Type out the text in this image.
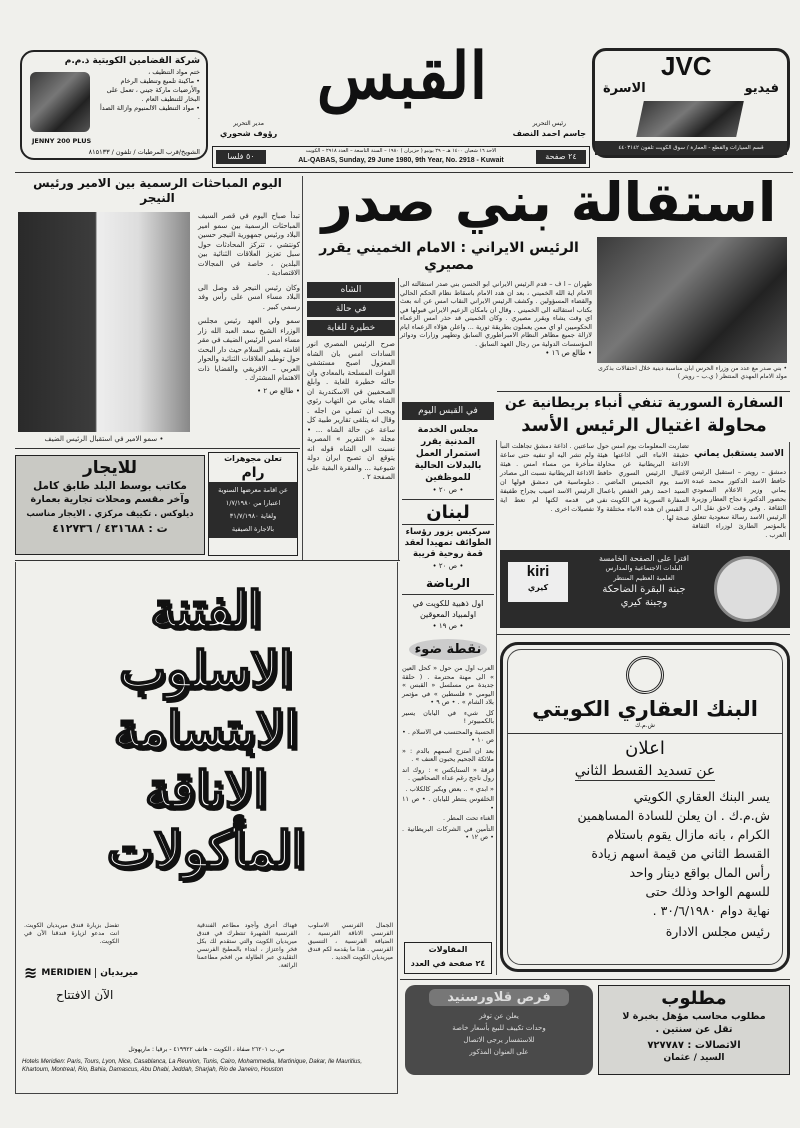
شركة القضامين الكويتية ذ.م.م
ختم مواد التنظيف ،
• ماكينة تلميع وتنظيف الرخام والأرضيات ماركة جيني ، تعمل على البخار للتنظيف العام .
• مواد التنظيف الالمنيوم وازالة الصدأ .
JENNY 200 PLUS
الشويخ/قرب المرطبات / تلفون / ٨١٥١٣٣
القبس
رئيس التحرير
جاسم احمد النصف
مدير التحرير
رؤوف شحوري
٢٤ صفحة
٥٠ فلسا
الاحد ١٦ شعبان ١٤٠٠ هـ – ٢٩ يونيو ( حزيران ) ١٩٨٠ – السنة التاسعة – العدد ٢٩١٨ – الكويت
AL-QABAS, Sunday, 29 June 1980, 9th Year, No. 2918 - Kuwait
JVC
فيديو
الاسرة
قسم السيارات والقطع - العمارة / سوق الكويت تلفون ٤٤٠٣١٤٢
اليوم المباحثات الرسمية بين الامير ورئيس النيجر
• سمو الامير في استقبال الرئيس الضيف

تبدأ صباح اليوم في قصر السيف المباحثات الرسمية بين سمو امير البلاد ورئيس جمهورية النيجر حسين كونتشي ، تتركز المحادثات حول سبل تعزيز العلاقات الثنائية بين البلدين ، خاصة في المجالات الاقتصادية .

وكان رئيس النيجر قد وصل الى البلاد مساء امس على رأس وفد رسمي كبير .

سمو ولي العهد رئيس مجلس الوزراء الشيخ سعد العبد الله زار مساء امس الرئيس الضيف في مقر اقامته بقصر السلام حيث دار البحث حول توطيد العلاقات الثنائية والحوار العربي – الافريقي والقضايا ذات الاهتمام المشترك .

• طالع ص ٢ •
استقالة بني صدر
الرئيس الايراني : الامام الخميني يقرر مصيري
• بني صدر مع عدد من وزراء الحرس ابان مناسبة دينية خلال احتفالات بذكرى مولد الامام المهدي المنتظر ( ي.ب – رويتر )

طهران – ا ف – قدم الرئيس الايراني ابو الحسن بني صدر استقالته الى الامام اية الله الخميني ، بعد ان هدد الامام باسقاط نظام الحكم الحالي والقضاء المسؤولين . وكشف الرئيس الايراني النقاب امس عن انه بعث بكتاب استقالته الى الخميني . وقال ان بامكان الزعيم الايراني قبولها في اي وقت يشاء ويقرر مصيري . وكان الخميني قد حذر امس الزعماء الحكوميين او اي ممن يعملون بطريقة ثورية ... واعلن هؤلاء الزعماء ايام لازالة جميع مظاهر النظام الامبراطوري السابق وتطهير وزارات ودوائر المؤسسات الدولية من رجال العهد السابق .

• طالع ص ١٦ •
الشاه
في حالة
خطيرة للغاية

صرح الرئيس المصري انور السادات امس بان الشاه المعزول اصبح مستشفى القوات المسلحة بالمعادي وان حالته خطيرة للغاية . وابلغ الصحفيين في الاسكندرية ان الشاه يعاني من التهاب رئوي ويجب ان تصلي من اجله . وقال انه يتلقى تقارير طبية كل ساعة عن حالة الشاه ... • مجلة « التقرير » المصرية نسبت الى الشاه قوله انه يتوقع ان تصبح ايران دولة شيوعية ... والفقرة البقية على الصفحة ٢ .

في القبس اليوم
مجلس الخدمة المدنية يقرر استمرار العمل بالبدلات الحالية للموظفين
• ص ٢٠ •
لبنان
سركيس يزور رؤساء الطوائف تمهيدا لعقد قمة روحية قريبة
• ص ٢٠ •
الرياضة
اول ذهبية للكويت في اولمبياد المعوقين
• ص ١٩ •
نقطة ضوء

العرب اول من حول « كحل العين » الى مهنة محترمة . ( حلقة جديدة من مسلسل « القبس » اليومي « فلسطين » في مؤتمر بلاد الشام » . • ص ٩ •

كل شيء في اليابان يسير بالكمبيوتر !

الحسبة والمحتسب في الاسلام . • ص ١٠ •

بعد ان امتزج اسمهم بالدم : « ملائكة الجحيم يحبون العنف » .

فرقة « الستايكس » : روك اند رول ناجح رغم عداء الصحافيين .

« ابدي » .. بعض ويكبر كالكلاب .

الخلفوس ينتظر لليابان . • ص ١١ •

الغناء تحت المطر .

التأمين في الشركات البريطانية . • ص ١٢ •

المقاولات
٢٤ صفحة في العدد
السفارة السورية تنفي أنباء بريطانية عن
محاولة اغتيال الرئيس الأسد
الاسد يستقبل يماني

دمشق – رويتر – استقبل الرئيس حافظ الاسد الدكتور محمد عبده يماني وزير الاعلام السعودي بحضور الدكتورة نجاح العطار وزيرة الثقافة . وفي وقت لاحق نقل الى الرئيس الاسد رسالة سعودية تتعلق بالمؤتمر الطارئ لوزراء الثقافة العرب .

تضاربت المعلومات يوم امس حول حقيقة الانباء التي اذاعتها هيئة الاذاعة البريطانية عن محاولة لاغتيال الرئيس السوري حافظ الاسد يوم الخميس الماضي . السيد احمد زهير الغفص باعمال السفارة السورية في الكويت نفى لـ القبس ان هذه الانباء مختلقة ولا صحة لها .

ساعتين . اذاعة دمشق تجاهلت النبأ ولم تشر اليه او تنفيه حتى ساعة متأخرة من مساء امس . هيئة الاذاعة البريطانية نسبت الى مصادر دبلوماسية في دمشق قولها ان الرئيس الاسد اصيب بجراح طفيفة في قدمه لكنها لم تعط اية تفصيلات اخرى .

للايجار
مكاتب بوسط البلد طابق كامل
وآخر مقسم ومحلات تجارية بعمارة
ديلوكس . تكييف مركزي . الايجار مناسب
ت : ٤٣١٦٨٨ / ٤١٢٧٣٦
تعلن مجوهرات
رام
عن اقامة معرضها السنوية
اعتبارا من ١/٧/١٩٨٠
ولغاية ٣١/٧/١٩٨٠
بالاجارة الصيفية
الفتنة
الاسلوب
الابتسامة
الاناقة
المأكولات

الجمال الفرنسي الاسلوب الفرنسي الاناقة الفرنسية ، الضيافة الفرنسية ، التنسيق الفرنسي . هذا ما يقدمه لكم فندق ميريديان الكويت الجديد .

فهناك أعرق وأجود مطاعم الفندقية الفرنسية الشهيرة تنتظرك في فندق ميريديان الكويت والتي ستقدم لك بكل فخر واعتزاز ، ابتداء بالمطبخ الفرنسي التقليدي عبر الطاولة من افخم مطاعمنا الرائعة.

تفضل بزيارة فندق ميريديان الكويت. انت مدعو لزيارة فندقنا الآن في الكويت.

≋ MERIDIEN	ميريديان
الآن الافتتاح
ص.ب ٢٦٢٠١ صفاة ، الكويت - هاتف ٤١٩٩٢٢ - برقيا : ماريهوتل
Hotels Meridien: Paris, Tours, Lyon, Nice, Casablanca, La Reunion, Tunis, Cairo, Mohammedia, Martinique, Dakar, Ile Mauritius, Khartoum, Montreal, Rio, Bahia, Damascus, Abu Dhabi, Jeddah, Sharjah, Rio de Janeiro, Houston
kiri
كيري
اقترا على الصفحة الخامسة
البلدات الاجتماعية والمدارس
العلمية العظيم المنتظر
جبنة البقرة الضاحكة
وجبنة كيري
البنك العقاري الكويتي
ش.م.ك
اعلان
عن تسديد القسط الثاني
يسر البنك العقاري الكويتي
ش.م.ك . ان يعلن للسادة المساهمين
الكرام ، بانه مازال يقوم باستلام
القسط الثاني من قيمة اسهم زيادة
رأس المال بواقع دينار واحد
للسهم الواحد وذلك حتى
نهاية دوام ٣٠/٦/١٩٨٠ .
رئيس مجلس الادارة
فرص قلاورسنيد
يعلن عن توفر
وحدات تكييف للبيع بأسعار خاصة
للاستفسار يرجى الاتصال
على العنوان المذكور
مطلوب
مطلوب محاسب مؤهل بخبرة لا
تقل عن سنتين .
الاتصالات : ٧٢٧٧٨٧
السيد / عثمان
